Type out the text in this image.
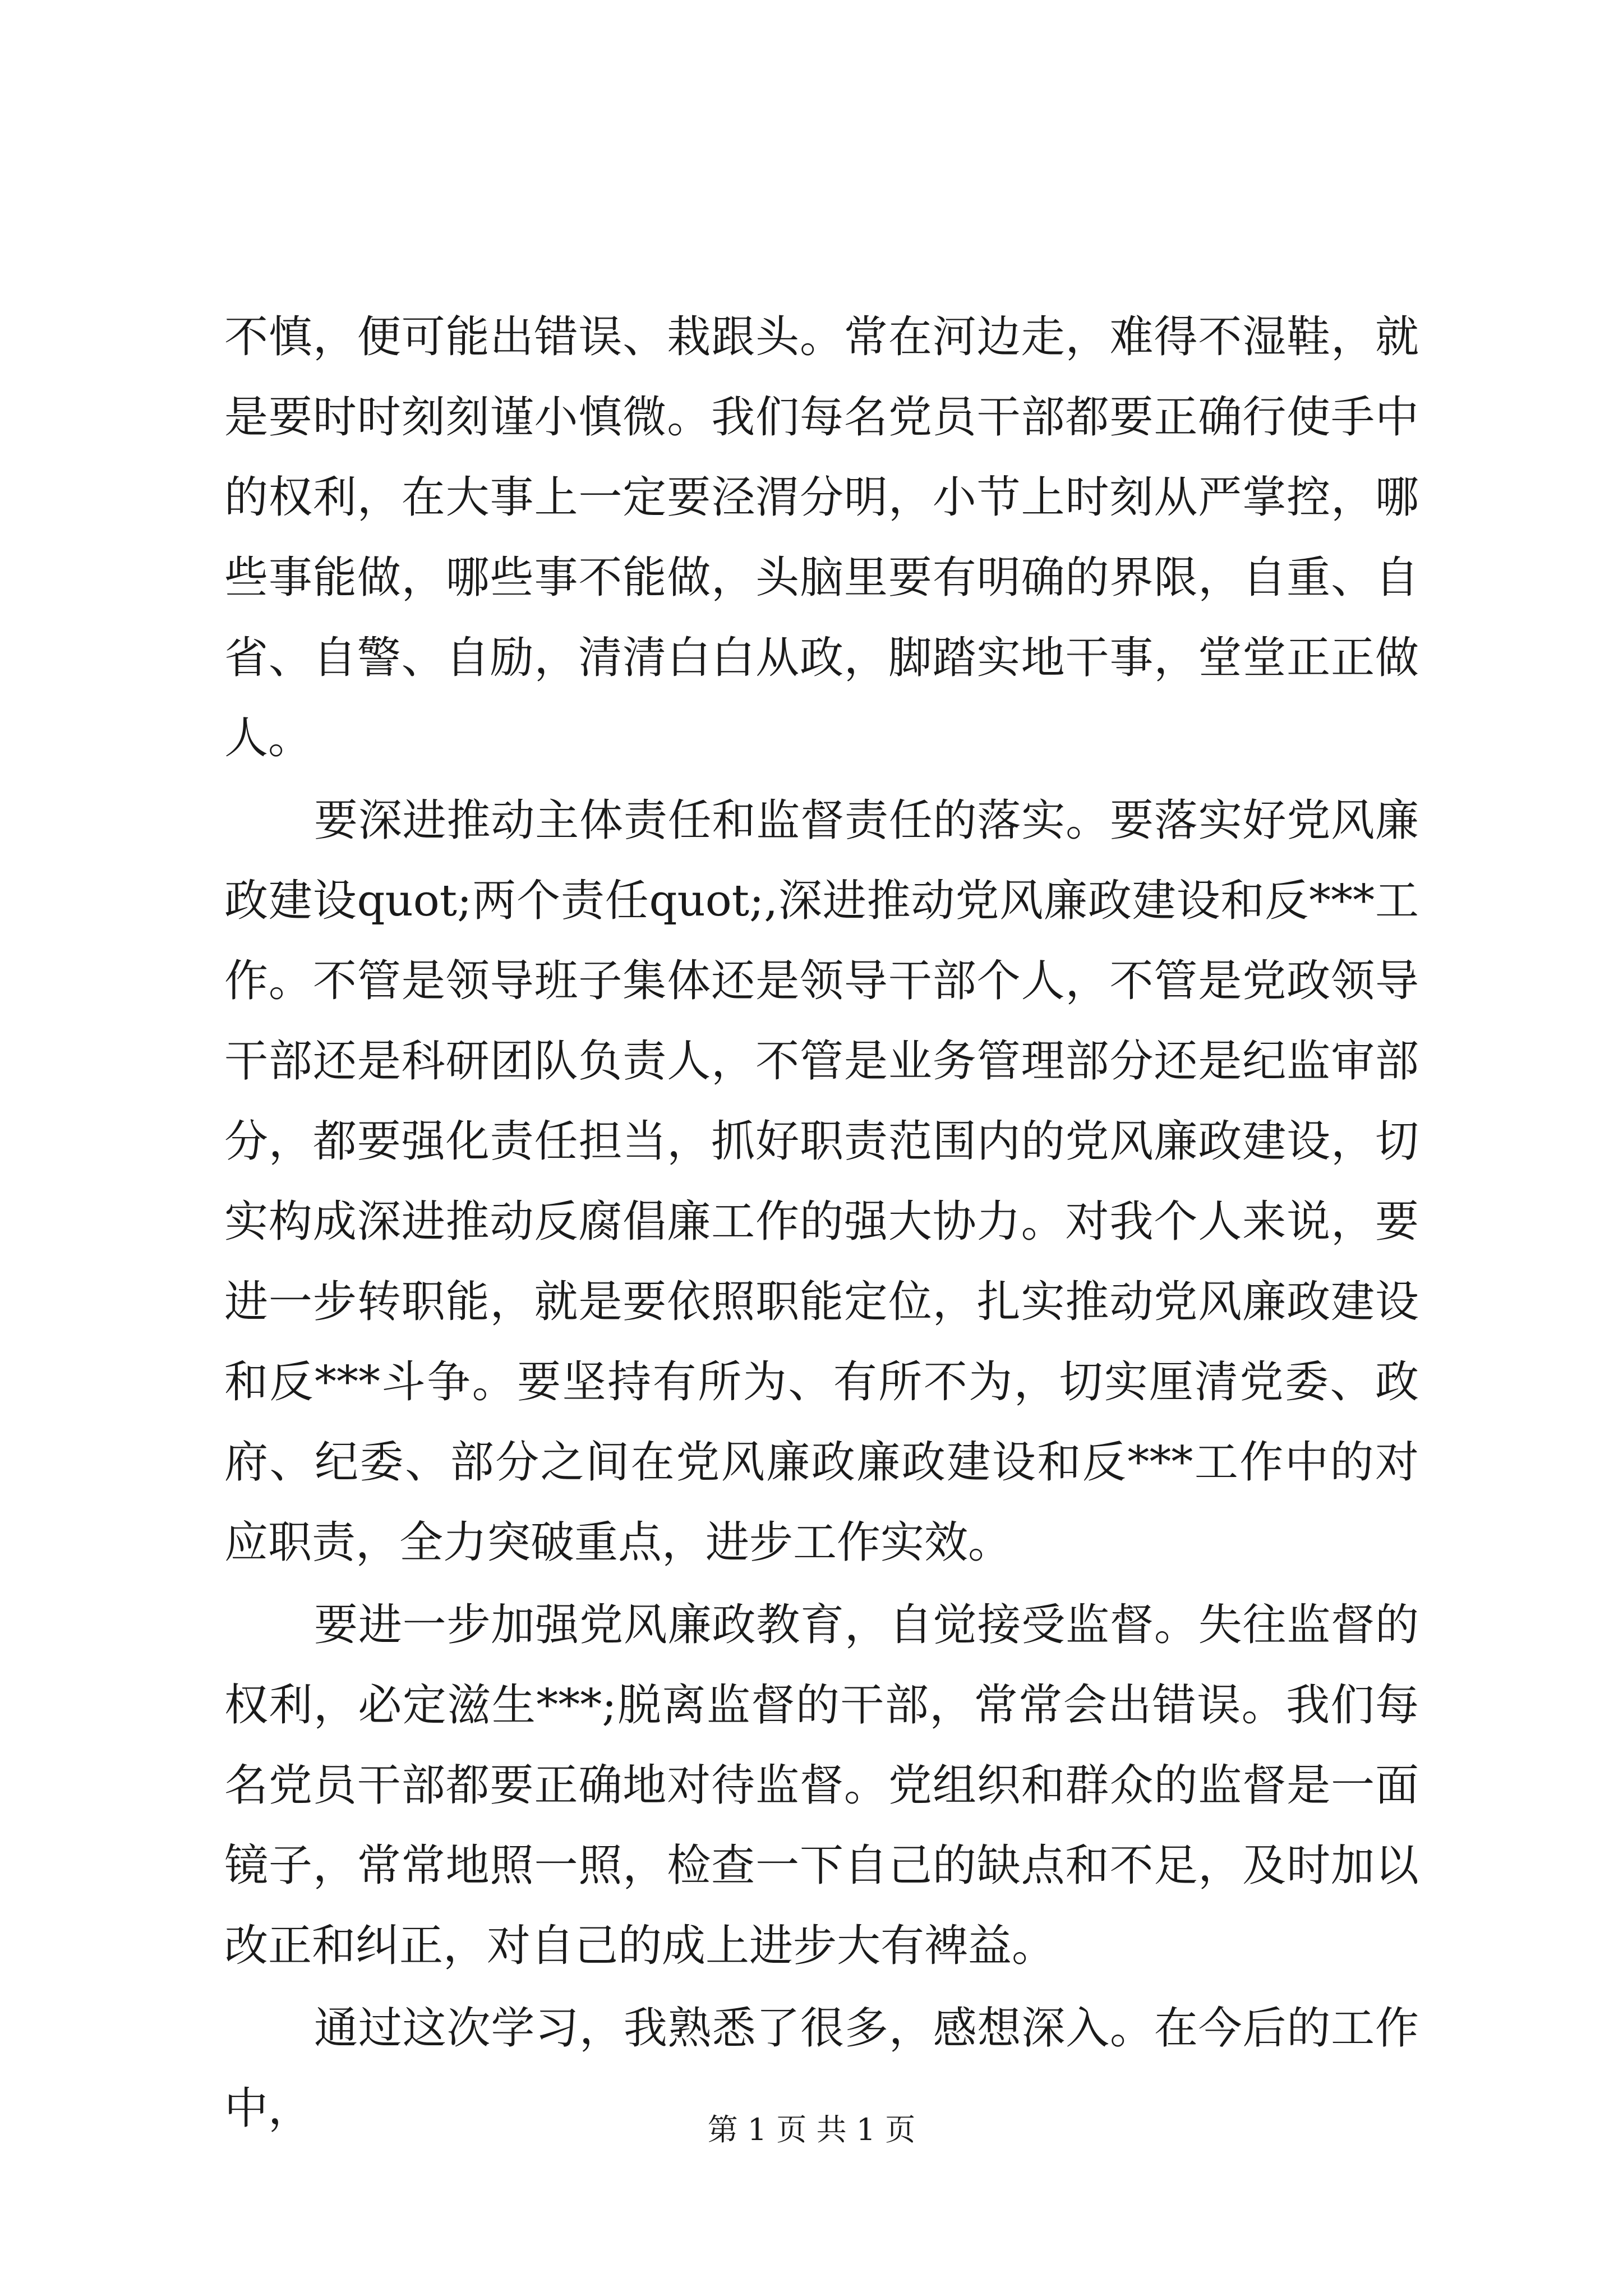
不慎，便可能出错误、栽跟头。常在河边走，难得不湿鞋，就是要时时刻刻谨小慎微。我们每名党员干部都要正确行使手中的权利，在大事上一定要泾渭分明，小节上时刻从严掌控，哪些事能做，哪些事不能做，头脑里要有明确的界限，自重、自省、自警、自励，清清白白从政，脚踏实地干事，堂堂正正做人。

要深进推动主体责任和监督责任的落实。要落实好党风廉政建设quot;两个责任quot;,深进推动党风廉政建设和反***工作。不管是领导班子集体还是领导干部个人，不管是党政领导干部还是科研团队负责人，不管是业务管理部分还是纪监审部分，都要强化责任担当，抓好职责范围内的党风廉政建设，切实构成深进推动反腐倡廉工作的强大协力。对我个人来说，要进一步转职能，就是要依照职能定位，扎实推动党风廉政建设和反***斗争。要坚持有所为、有所不为，切实厘清党委、政府、纪委、部分之间在党风廉政廉政建设和反***工作中的对应职责，全力突破重点，进步工作实效。

要进一步加强党风廉政教育，自觉接受监督。失往监督的权利，必定滋生***;脱离监督的干部，常常会出错误。我们每名党员干部都要正确地对待监督。党组织和群众的监督是一面镜子，常常地照一照，检查一下自己的缺点和不足，及时加以改正和纠正，对自己的成上进步大有裨益。

通过这次学习，我熟悉了很多，感想深入。在今后的工作中，	第 1 页 共 1 页
